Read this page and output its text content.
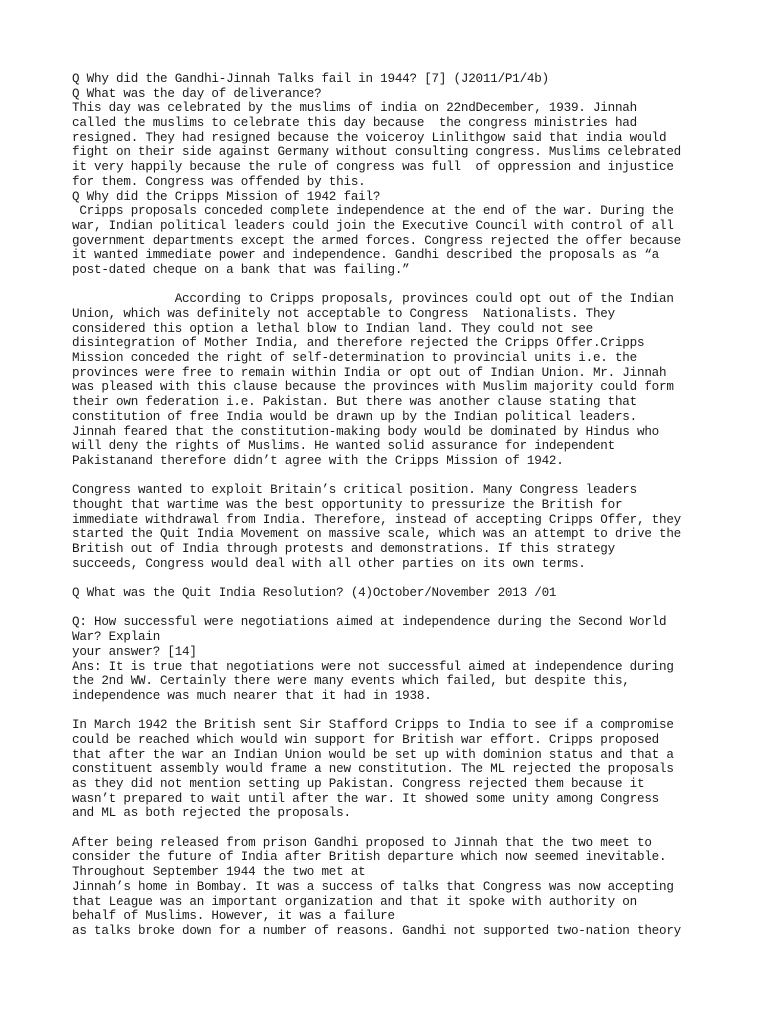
Q Why did the Gandhi-Jinnah Talks fail in 1944? [7] (J2011/P1/4b)
Q What was the day of deliverance?
This day was celebrated by the muslims of india on 22ndDecember, 1939. Jinnah
called the muslims to celebrate this day because  the congress ministries had
resigned. They had resigned because the voiceroy Linlithgow said that india would
fight on their side against Germany without consulting congress. Muslims celebrated
it very happily because the rule of congress was full  of oppression and injustice
for them. Congress was offended by this.
Q Why did the Cripps Mission of 1942 fail?
Cripps proposals conceded complete independence at the end of the war. During the
war, Indian political leaders could join the Executive Council with control of all
government departments except the armed forces. Congress rejected the offer because
it wanted immediate power and independence. Gandhi described the proposals as “a
post-dated cheque on a bank that was failing.”
According to Cripps proposals, provinces could opt out of the Indian
Union, which was definitely not acceptable to Congress  Nationalists. They
considered this option a lethal blow to Indian land. They could not see
disintegration of Mother India, and therefore rejected the Cripps Offer.Cripps
Mission conceded the right of self-determination to provincial units i.e. the
provinces were free to remain within India or opt out of Indian Union. Mr. Jinnah
was pleased with this clause because the provinces with Muslim majority could form
their own federation i.e. Pakistan. But there was another clause stating that
constitution of free India would be drawn up by the Indian political leaders.
Jinnah feared that the constitution-making body would be dominated by Hindus who
will deny the rights of Muslims. He wanted solid assurance for independent
Pakistanand therefore didn’t agree with the Cripps Mission of 1942.
Congress wanted to exploit Britain’s critical position. Many Congress leaders
thought that wartime was the best opportunity to pressurize the British for
immediate withdrawal from India. Therefore, instead of accepting Cripps Offer, they
started the Quit India Movement on massive scale, which was an attempt to drive the
British out of India through protests and demonstrations. If this strategy
succeeds, Congress would deal with all other parties on its own terms.
Q What was the Quit India Resolution? (4)October/November 2013 /01
Q: How successful were negotiations aimed at independence during the Second World
War? Explain
your answer? [14]
Ans: It is true that negotiations were not successful aimed at independence during
the 2nd WW. Certainly there were many events which failed, but despite this,
independence was much nearer that it had in 1938.
In March 1942 the British sent Sir Stafford Cripps to India to see if a compromise
could be reached which would win support for British war effort. Cripps proposed
that after the war an Indian Union would be set up with dominion status and that a
constituent assembly would frame a new constitution. The ML rejected the proposals
as they did not mention setting up Pakistan. Congress rejected them because it
wasn’t prepared to wait until after the war. It showed some unity among Congress
and ML as both rejected the proposals.
After being released from prison Gandhi proposed to Jinnah that the two meet to
consider the future of India after British departure which now seemed inevitable.
Throughout September 1944 the two met at
Jinnah’s home in Bombay. It was a success of talks that Congress was now accepting
that League was an important organization and that it spoke with authority on
behalf of Muslims. However, it was a failure
as talks broke down for a number of reasons. Gandhi not supported two-nation theory
